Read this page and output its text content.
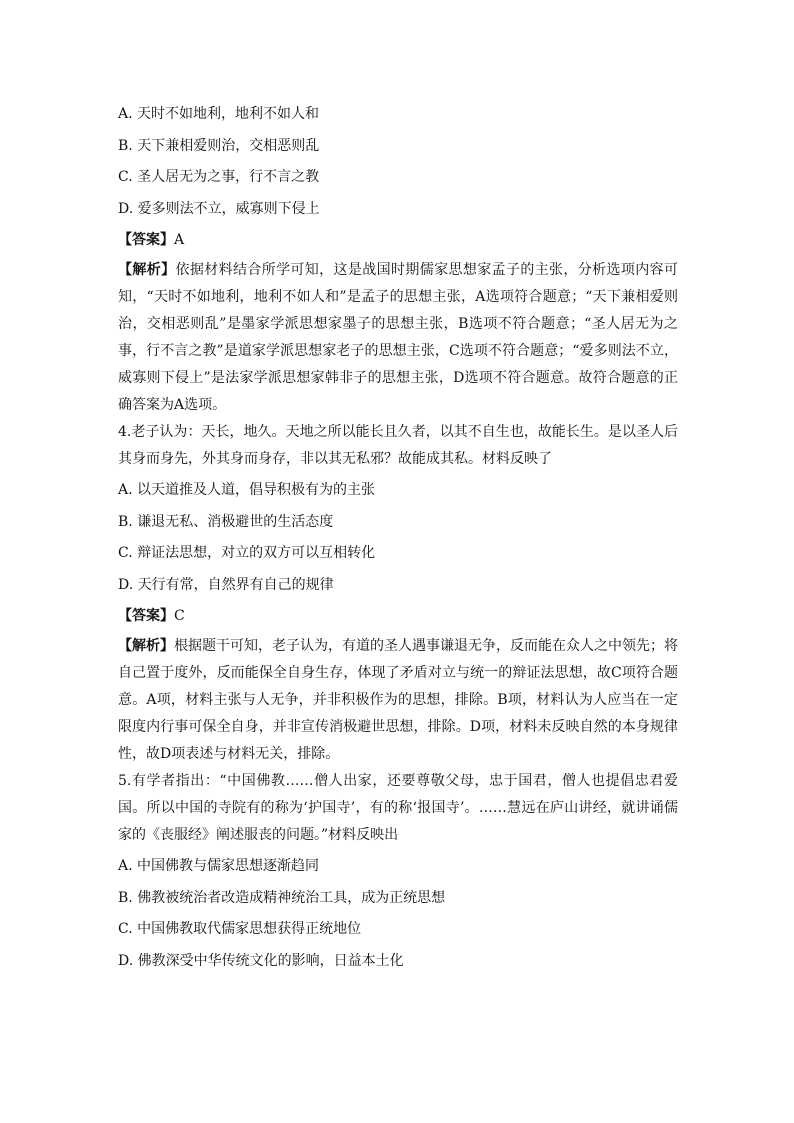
A. 天时不如地利，地利不如人和
B. 天下兼相爱则治，交相恶则乱
C. 圣人居无为之事，行不言之教
D. 爱多则法不立，威寡则下侵上
【答案】A

【解析】依据材料结合所学可知，这是战国时期儒家思想家孟子的主张，分析选项内容可知，“天时不如地利，地利不如人和”是孟子的思想主张，A选项符合题意；“天下兼相爱则治，交相恶则乱”是墨家学派思想家墨子的思想主张，B选项不符合题意；“圣人居无为之事，行不言之教”是道家学派思想家老子的思想主张，C选项不符合题意；“爱多则法不立，威寡则下侵上”是法家学派思想家韩非子的思想主张，D选项不符合题意。故符合题意的正确答案为A选项。

4.老子认为：天长，地久。天地之所以能长且久者，以其不自生也，故能长生。是以圣人后其身而身先，外其身而身存，非以其无私邪？故能成其私。材料反映了

A. 以天道推及人道，倡导积极有为的主张
B. 谦退无私、消极避世的生活态度
C. 辩证法思想，对立的双方可以互相转化
D. 天行有常，自然界有自己的规律
【答案】C

【解析】根据题干可知，老子认为，有道的圣人遇事谦退无争，反而能在众人之中领先；将自己置于度外，反而能保全自身生存，体现了矛盾对立与统一的辩证法思想，故C项符合题意。A项，材料主张与人无争，并非积极作为的思想，排除。B项，材料认为人应当在一定限度内行事可保全自身，并非宣传消极避世思想，排除。D项，材料未反映自然的本身规律性，故D项表述与材料无关，排除。

5.有学者指出：“中国佛教……僧人出家，还要尊敬父母，忠于国君，僧人也提倡忠君爱国。所以中国的寺院有的称为‘护国寺’，有的称‘报国寺’。……慧远在庐山讲经，就讲诵儒家的《丧服经》阐述服丧的问题。”材料反映出

A. 中国佛教与儒家思想逐渐趋同
B. 佛教被统治者改造成精神统治工具，成为正统思想
C. 中国佛教取代儒家思想获得正统地位
D. 佛教深受中华传统文化的影响，日益本土化
